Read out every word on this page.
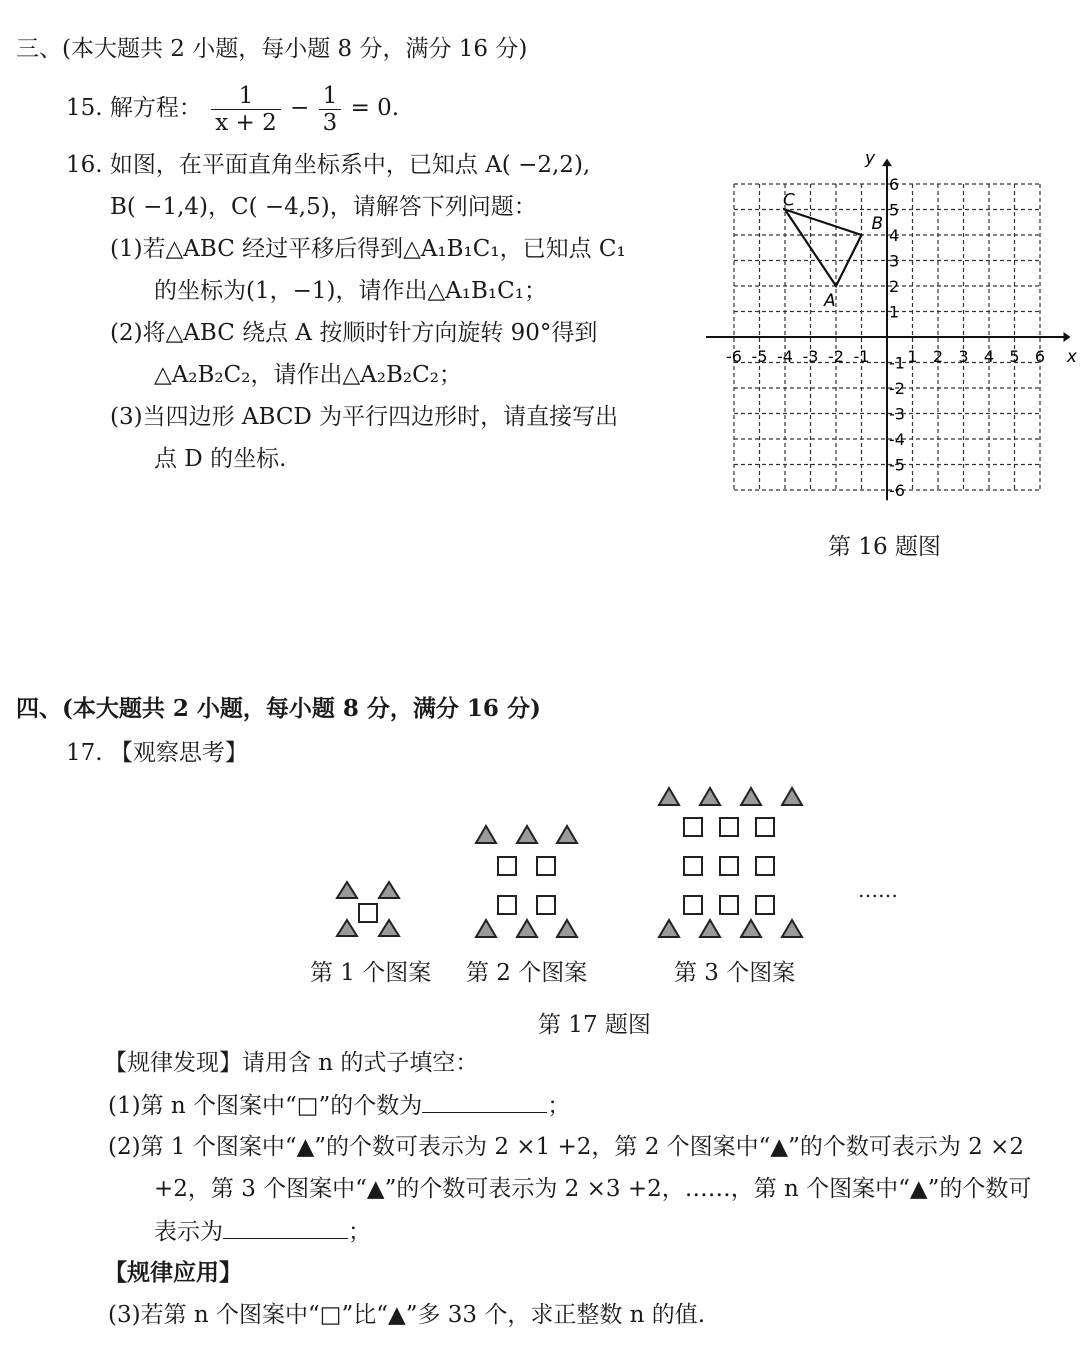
三、(本大题共 2 小题，每小题 8 分，满分 16 分)
15. 解方程： $\frac{1}{x + 2} - \frac{1}{3} = 0$.
16. 如图，在平面直角坐标系中，已知点 A( −2,2),
B( −1,4)，C( −4,5)，请解答下列问题：
(1)若△ABC 经过平移后得到△A₁B₁C₁，已知点 C₁
的坐标为(1，−1)，请作出△A₁B₁C₁；
(2)将△ABC 绕点 A 按顺时针方向旋转 90°得到
△A₂B₂C₂，请作出△A₂B₂C₂；
(3)当四边形 ABCD 为平行四边形时，请直接写出
点 D 的坐标.
x
y
-6 -5 -4 -3 -2 -1 1 2 3 4 5 6
6
5
4
3
2
1
-1
-2
-3
-4
-5
-6
C
B
A
第 16 题图
四、(本大题共 2 小题，每小题 8 分，满分 16 分)
17. 【观察思考】
……
第 1 个图案 第 2 个图案	第 3 个图案
第 17 题图
【规律发现】请用含 n 的式子填空：
(1)第 n 个图案中“□”的个数为	；
(2)第 1 个图案中“▲”的个数可表示为 2 ×1 +2，第 2 个图案中“▲”的个数可表示为 2 ×2
+2，第 3 个图案中“▲”的个数可表示为 2 ×3 +2，……，第 n 个图案中“▲”的个数可
表示为	；
【规律应用】
(3)若第 n 个图案中“□”比“▲”多 33 个，求正整数 n 的值.
